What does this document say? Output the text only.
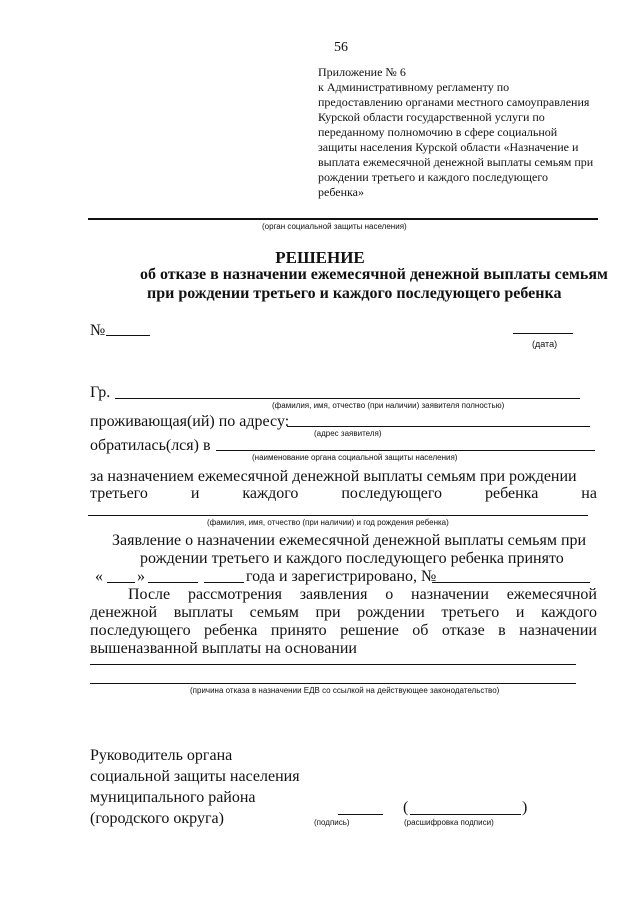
56
Приложение № 6
к Административному регламенту по
предоставлению органами местного самоуправления
Курской области государственной услуги по
переданному полномочию в сфере социальной
защиты населения Курской области «Назначение и
выплата ежемесячной денежной выплаты семьям при
рождении третьего и каждого последующего
ребенка»
(орган социальной защиты населения)
РЕШЕНИЕ
об отказе в назначении ежемесячной денежной выплаты семьям
при рождении третьего и каждого последующего ребенка
№
(дата)
Гр.
(фамилия, имя, отчество (при наличии) заявителя полностью)
проживающая(ий) по адресу:
(адрес заявителя)
обратилась(лся) в
(наименование органа социальной защиты населения)
за назначением ежемесячной денежной выплаты семьям при рождении
третьего	и	каждого	последующего	ребенка	на
(фамилия, имя, отчество (при наличии) и год рождения ребенка)
Заявление о назначении ежемесячной денежной выплаты семьям при
рождении третьего и каждого последующего ребенка принято
« »	года и зарегистрировано, №
После рассмотрения заявления о назначении ежемесячной денежной выплаты семьям при рождении третьего и каждого последующего ребенка принято решение об отказе в назначении вышеназванной выплаты на основании
(причина отказа в назначении ЕДВ со ссылкой на действующее законодательство)
Руководитель органа
социальной защиты населения
муниципального района
(городского округа)	(подпись)
(	)
(расшифровка подписи)
